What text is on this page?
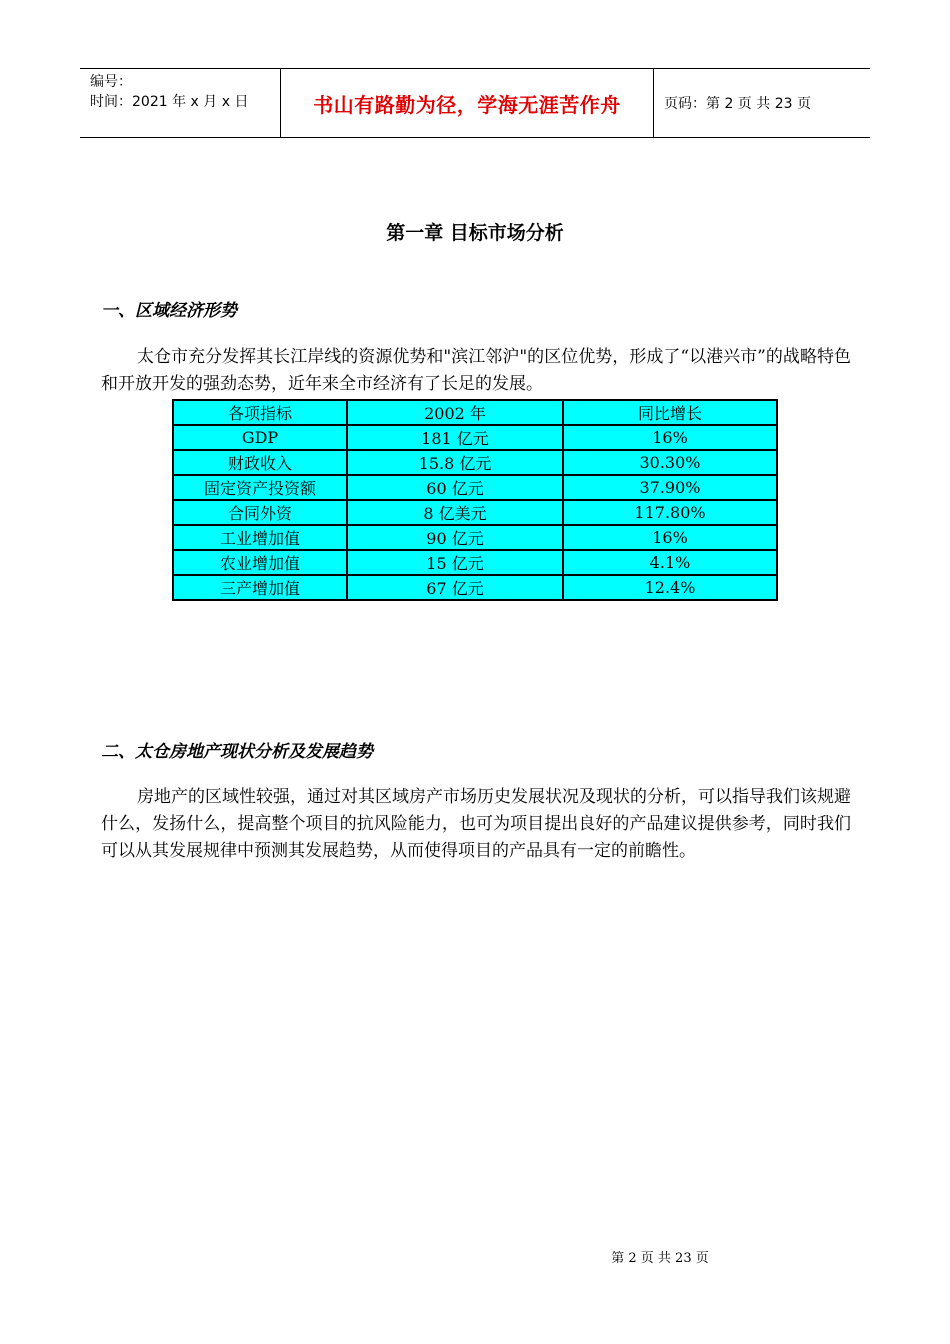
编号：
时间：2021 年 x 月 x 日	书山有路勤为径，学海无涯苦作舟	页码：第 2 页 共 23 页
第一章 目标市场分析
一、区域经济形势
太仓市充分发挥其长江岸线的资源优势和"滨江邻沪"的区位优势，形成了“以港兴市”的战略特色和开放开发的强劲态势，近年来全市经济有了长足的发展。
各项指标	2002 年	同比增长
GDP	181 亿元	16%
财政收入	15.8 亿元	30.30%
固定资产投资额	60 亿元	37.90%
合同外资	8 亿美元	117.80%
工业增加值	90 亿元	16%
农业增加值	15 亿元	4.1%
三产增加值	67 亿元	12.4%
二、太仓房地产现状分析及发展趋势
房地产的区域性较强，通过对其区域房产市场历史发展状况及现状的分析，可以指导我们该规避什么，发扬什么，提高整个项目的抗风险能力，也可为项目提出良好的产品建议提供参考，同时我们可以从其发展规律中预测其发展趋势，从而使得项目的产品具有一定的前瞻性。
第 2 页 共 23 页
